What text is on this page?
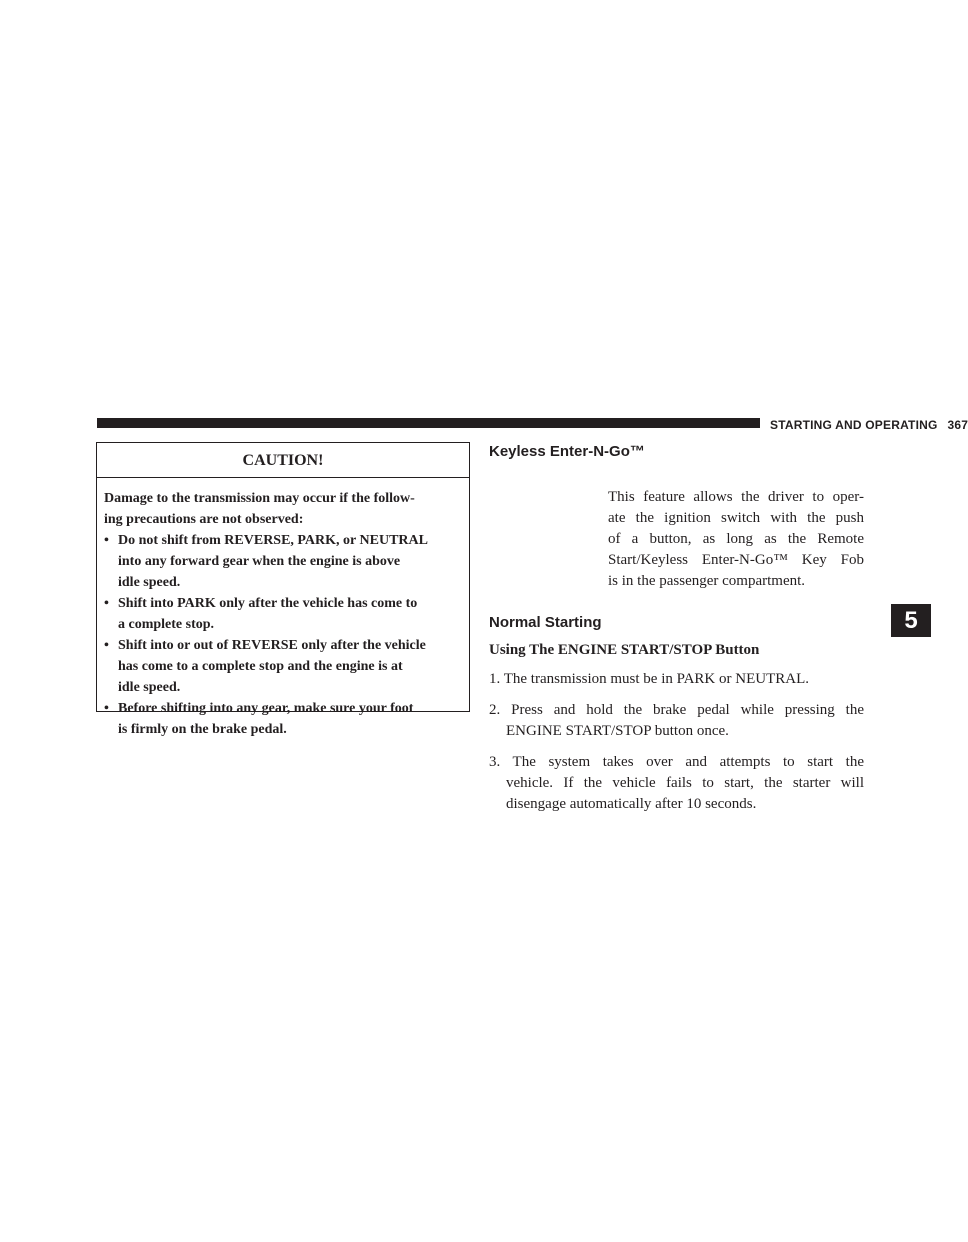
STARTING AND OPERATING 367
CAUTION!

Damage to the transmission may occur if the follow-
ing precautions are not observed:

• Do not shift from REVERSE, PARK, or NEUTRAL
into any forward gear when the engine is above
idle speed.
• Shift into PARK only after the vehicle has come to
a complete stop.
• Shift into or out of REVERSE only after the vehicle
has come to a complete stop and the engine is at
idle speed.
• Before shifting into any gear, make sure your foot
is firmly on the brake pedal.
Keyless Enter-N-Go™

This feature allows the driver to oper-
ate the ignition switch with the push
of a button, as long as the Remote
Start/Keyless Enter-N-Go™ Key Fob
is in the passenger compartment.

Normal Starting
Using The ENGINE START/STOP Button
1. The transmission must be in PARK or NEUTRAL.
2. Press and hold the brake pedal while pressing the
ENGINE START/STOP button once.
3. The system takes over and attempts to start the
vehicle. If the vehicle fails to start, the starter will
disengage automatically after 10 seconds.
5
